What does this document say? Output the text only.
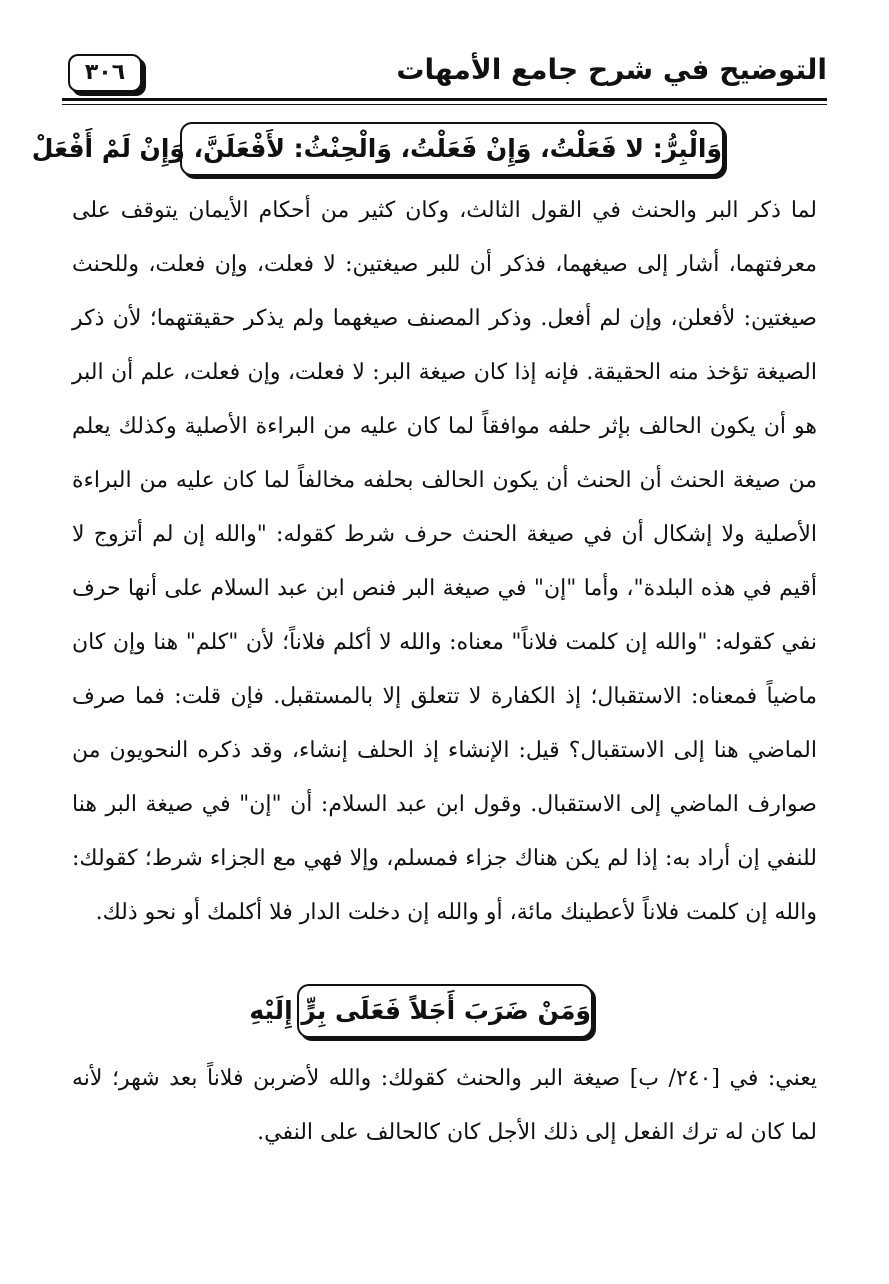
التوضيح في شرح جامع الأمهات
٣٠٦
وَالْبِرُّ: لا فَعَلْتُ، وَإِنْ فَعَلْتُ، وَالْحِنْثُ: لأَفْعَلَنَّ، وَإِنْ لَمْ أَفْعَلْ

لما ذكر البر والحنث في القول الثالث، وكان كثير من أحكام الأيمان يتوقف على معرفتهما، أشار إلى صيغهما، فذكر أن للبر صيغتين: لا فعلت، وإن فعلت، وللحنث صيغتين: لأفعلن، وإن لم أفعل. وذكر المصنف صيغهما ولم يذكر حقيقتهما؛ لأن ذكر الصيغة تؤخذ منه الحقيقة. فإنه إذا كان صيغة البر: لا فعلت، وإن فعلت، علم أن البر هو أن يكون الحالف بإثر حلفه موافقاً لما كان عليه من البراءة الأصلية وكذلك يعلم من صيغة الحنث أن الحنث أن يكون الحالف بحلفه مخالفاً لما كان عليه من البراءة الأصلية ولا إشكال أن في صيغة الحنث حرف شرط كقوله: "والله إن لم أتزوج لا أقيم في هذه البلدة"، وأما "إن" في صيغة البر فنص ابن عبد السلام على أنها حرف نفي كقوله: "والله إن كلمت فلاناً" معناه: والله لا أكلم فلاناً؛ لأن "كلم" هنا وإن كان ماضياً فمعناه: الاستقبال؛ إذ الكفارة لا تتعلق إلا بالمستقبل. فإن قلت: فما صرف الماضي هنا إلى الاستقبال؟ قيل: الإنشاء إذ الحلف إنشاء، وقد ذكره النحويون من صوارف الماضي إلى الاستقبال. وقول ابن عبد السلام: أن "إن" في صيغة البر هنا للنفي إن أراد به: إذا لم يكن هناك جزاء فمسلم، وإلا فهي مع الجزاء شرط؛ كقولك: والله إن كلمت فلاناً لأعطينك مائة، أو والله إن دخلت الدار فلا أكلمك أو نحو ذلك.

وَمَنْ ضَرَبَ أَجَلاً فَعَلَى بِرٍّ إِلَيْهِ

يعني: في [٢٤٠/ ب] صيغة البر والحنث كقولك: والله لأضربن فلاناً بعد شهر؛ لأنه لما كان له ترك الفعل إلى ذلك الأجل كان كالحالف على النفي.
